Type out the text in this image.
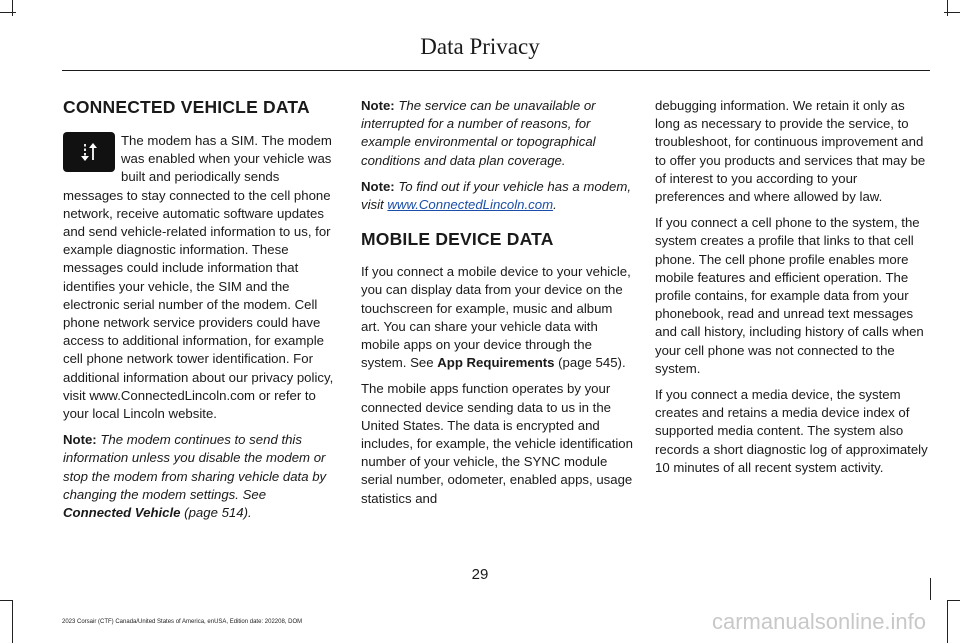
Data Privacy
CONNECTED VEHICLE DATA

The modem has a SIM. The modem was enabled when your vehicle was built and periodically sends messages to stay connected to the cell phone network, receive automatic software updates and send vehicle-related information to us, for example diagnostic information. These messages could include information that identifies your vehicle, the SIM and the electronic serial number of the modem. Cell phone network service providers could have access to additional information, for example cell phone network tower identification. For additional information about our privacy policy, visit www.ConnectedLincoln.com or refer to your local Lincoln website.

Note: The modem continues to send this information unless you disable the modem or stop the modem from sharing vehicle data by changing the modem settings. See Connected Vehicle (page 514).

Note: The service can be unavailable or interrupted for a number of reasons, for example environmental or topographical conditions and data plan coverage.

Note: To find out if your vehicle has a modem, visit www.ConnectedLincoln.com.

MOBILE DEVICE DATA

If you connect a mobile device to your vehicle, you can display data from your device on the touchscreen for example, music and album art. You can share your vehicle data with mobile apps on your device through the system. See App Requirements (page 545).

The mobile apps function operates by your connected device sending data to us in the United States. The data is encrypted and includes, for example, the vehicle identification number of your vehicle, the SYNC module serial number, odometer, enabled apps, usage statistics and

debugging information. We retain it only as long as necessary to provide the service, to troubleshoot, for continuous improvement and to offer you products and services that may be of interest to you according to your preferences and where allowed by law.

If you connect a cell phone to the system, the system creates a profile that links to that cell phone. The cell phone profile enables more mobile features and efficient operation. The profile contains, for example data from your phonebook, read and unread text messages and call history, including history of calls when your cell phone was not connected to the system.

If you connect a media device, the system creates and retains a media device index of supported media content. The system also records a short diagnostic log of approximately 10 minutes of all recent system activity.

29
2023 Corsair (CTF) Canada/United States of America, enUSA, Edition date: 202208, DOM	carmanualsonline.info
